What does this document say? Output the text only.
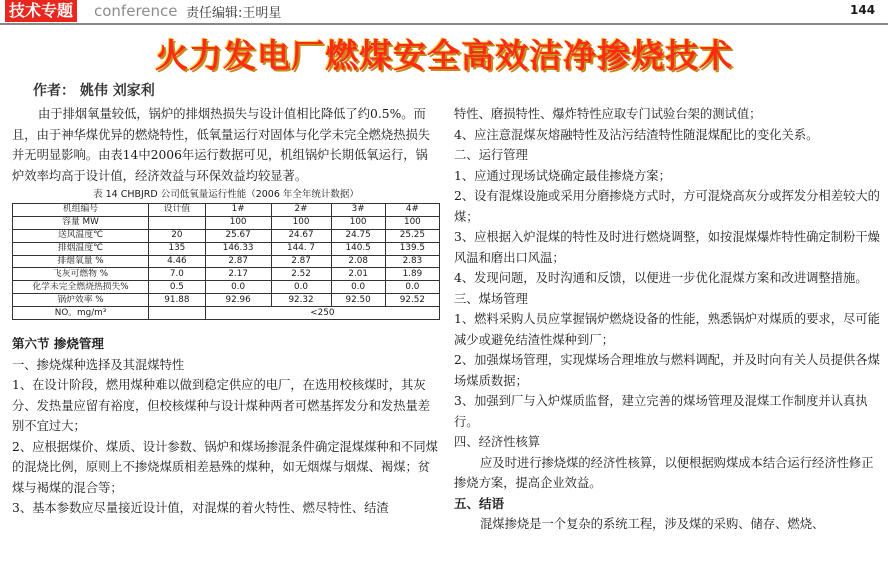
技术专题 conference 责任编辑:王明星	144
火力发电厂燃煤安全高效洁净掺烧技术
作者： 姚伟 刘家利

由于排烟氧量较低，锅炉的排烟热损失与设计值相比降低了约0.5%。而且，由于神华煤优异的燃烧特性，低氧量运行对固体与化学未完全燃烧热损失并无明显影响。由表14中2006年运行数据可见，机组锅炉长期低氧运行，锅炉效率均高于设计值，经济效益与环保效益均较显著。

表 14 CHBJRD 公司低氧量运行性能（2006 年全年统计数据）
机组编号	设计值	1#	2#	3#	4#
容量 MW		100	100	100	100
送风温度℃	20	25.67	24.67	24.75	25.25
排烟温度℃	135	146.33	144. 7	140.5	139.5
排烟氧量 %	4.46	2.87	2.87	2.08	2.83
飞灰可燃物 %	7.0	2.17	2.52	2.01	1.89
化学未完全燃烧热损失%	0.5	0.0	0.0	0.0	0.0
锅炉效率 %	91.88	92.96	92.32	92.50	92.52
NO。mg/m³		<250			

第六节 掺烧管理

一、掺烧煤种选择及其混煤特性

1、在设计阶段，燃用煤种难以做到稳定供应的电厂，在选用校核煤时，其灰分、发热量应留有裕度，但校核煤种与设计煤种两者可燃基挥发分和发热量差别不宜过大；

2、应根据煤价、煤质、设计参数、锅炉和煤场掺混条件确定混煤煤种和不同煤的混烧比例，原则上不掺烧煤质相差悬殊的煤种，如无烟煤与烟煤、褐煤；贫煤与褐煤的混合等；

3、基本参数应尽量接近设计值，对混煤的着火特性、燃尽特性、结渣

特性、磨损特性、爆炸特性应取专门试验台架的测试值；

4、应注意混煤灰熔融特性及沾污结渣特性随混煤配比的变化关系。

二、运行管理

1、应通过现场试烧确定最佳掺烧方案；

2、设有混煤设施或采用分磨掺烧方式时，方可混烧高灰分或挥发分相差较大的煤；

3、应根据入炉混煤的特性及时进行燃烧调整，如按混煤爆炸特性确定制粉干燥风温和磨出口风温；

4、发现问题，及时沟通和反馈，以便进一步优化混煤方案和改进调整措施。

三、煤场管理

1、燃料采购人员应掌握锅炉燃烧设备的性能，熟悉锅炉对煤质的要求，尽可能减少或避免结渣性煤种到厂；

2、加强煤场管理，实现煤场合理堆放与燃料调配，并及时向有关人员提供各煤场煤质数据；

3、加强到厂与入炉煤质监督，建立完善的煤场管理及混煤工作制度并认真执行。

四、经济性核算

应及时进行掺烧煤的经济性核算，以便根据购煤成本结合运行经济性修正掺烧方案，提高企业效益。

五、结语

混煤掺烧是一个复杂的系统工程，涉及煤的采购、储存、燃烧、
